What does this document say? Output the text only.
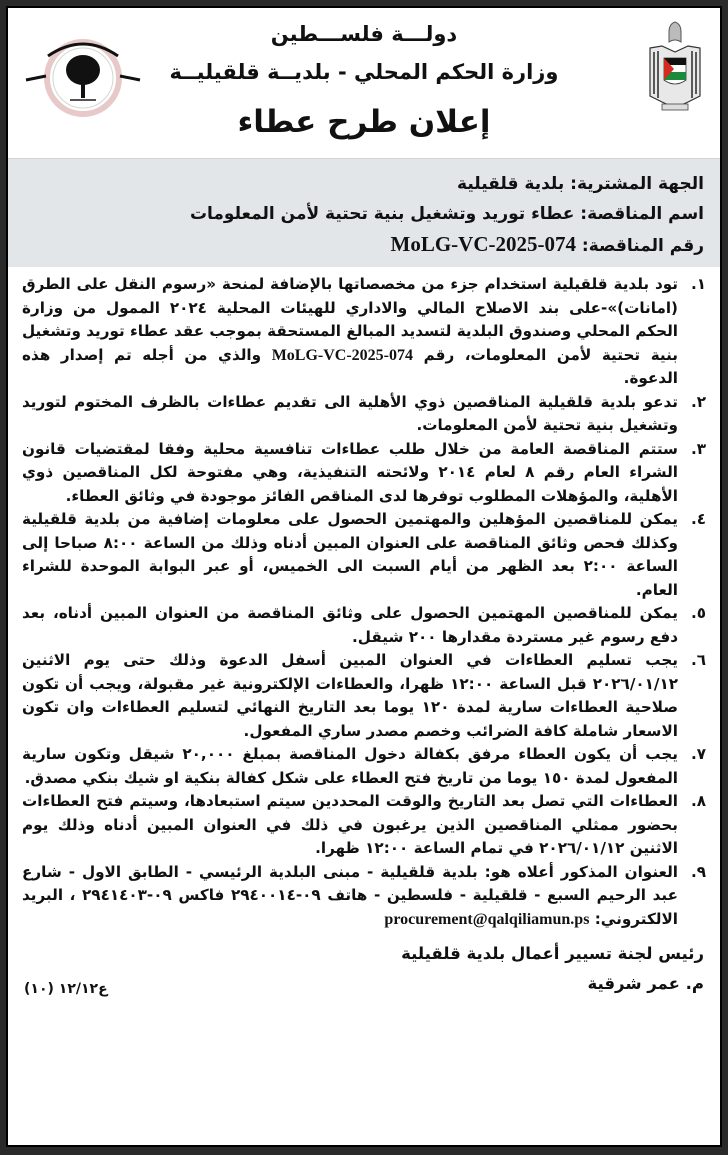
دولـــة فلســـطين
وزارة الحكم المحلي - بلديــة قلقيليــة
إعلان طرح عطاء
الجهة المشترية: بلدية قلقيلية
اسم المناقصة: عطاء توريد وتشغيل بنية تحتية لأمن المعلومات
رقم المناقصة: MoLG-VC-2025-074
١.
تود بلدية قلقيلية استخدام جزء من مخصصاتها بالإضافة لمنحة «رسوم النقل على الطرق (امانات)»-على بند الاصلاح المالي والاداري للهيئات المحلية ٢٠٢٤ الممول من وزارة الحكم المحلي وصندوق البلدية لتسديد المبالغ المستحقة بموجب عقد عطاء توريد وتشغيل بنية تحتية لأمن المعلومات، رقم MoLG-VC-2025-074 والذي من أجله تم إصدار هذه الدعوة.
٢.
تدعو بلدية قلقيلية المناقصين ذوي الأهلية الى تقديم عطاءات بالظرف المختوم لتوريد وتشغيل بنية تحتية لأمن المعلومات.
٣.
ستتم المناقصة العامة من خلال طلب عطاءات تنافسية محلية وفقا لمقتضيات قانون الشراء العام رقم ٨ لعام ٢٠١٤ ولائحته التنفيذية، وهي مفتوحة لكل المناقصين ذوي الأهلية، والمؤهلات المطلوب توفرها لدى المناقص الفائز موجودة في وثائق العطاء.
٤.
يمكن للمناقصين المؤهلين والمهتمين الحصول على معلومات إضافية من بلدية قلقيلية وكذلك فحص وثائق المناقصة على العنوان المبين أدناه وذلك من الساعة ٨:٠٠ صباحا إلى الساعة ٢:٠٠ بعد الظهر من أيام السبت الى الخميس، أو عبر البوابة الموحدة للشراء العام.
٥.
يمكن للمناقصين المهتمين الحصول على وثائق المناقصة من العنوان المبين أدناه، بعد دفع رسوم غير مستردة مقدارها ٢٠٠ شيقل.
٦.
يجب تسليم العطاءات في العنوان المبين أسفل الدعوة وذلك حتى يوم الاثنين ٢٠٢٦/٠١/١٢ قبل الساعة ١٢:٠٠ ظهرا، والعطاءات الإلكترونية غير مقبولة، ويجب أن تكون صلاحية العطاءات سارية لمدة ١٢٠ يوما بعد التاريخ النهائي لتسليم العطاءات وان تكون الاسعار شاملة كافة الضرائب وخصم مصدر ساري المفعول.
٧.
يجب أن يكون العطاء مرفق بكفالة دخول المناقصة بمبلغ ٢٠,٠٠٠ شيقل وتكون سارية المفعول لمدة ١٥٠ يوما من تاريخ فتح العطاء على شكل كفالة بنكية او شيك بنكي مصدق.
٨.
العطاءات التي تصل بعد التاريخ والوقت المحددين سيتم استبعادها، وسيتم فتح العطاءات بحضور ممثلي المناقصين الذين يرغبون في ذلك في العنوان المبين أدناه وذلك يوم الاثنين ٢٠٢٦/٠١/١٢ في تمام الساعة ١٢:٠٠ ظهرا.
٩.
العنوان المذكور أعلاه هو: بلدية قلقيلية - مبنى البلدية الرئيسي - الطابق الاول - شارع عبد الرحيم السبع - قلقيلية - فلسطين - هاتف ٠٩-٢٩٤٠٠١٤ فاكس ٠٩-٢٩٤١٤٠٣ ، البريد الالكتروني: procurement@qalqiliamun.ps
رئيس لجنة تسيير أعمال بلدية قلقيلية
م. عمر شرقية
ع١٢/١٢ (١٠)
